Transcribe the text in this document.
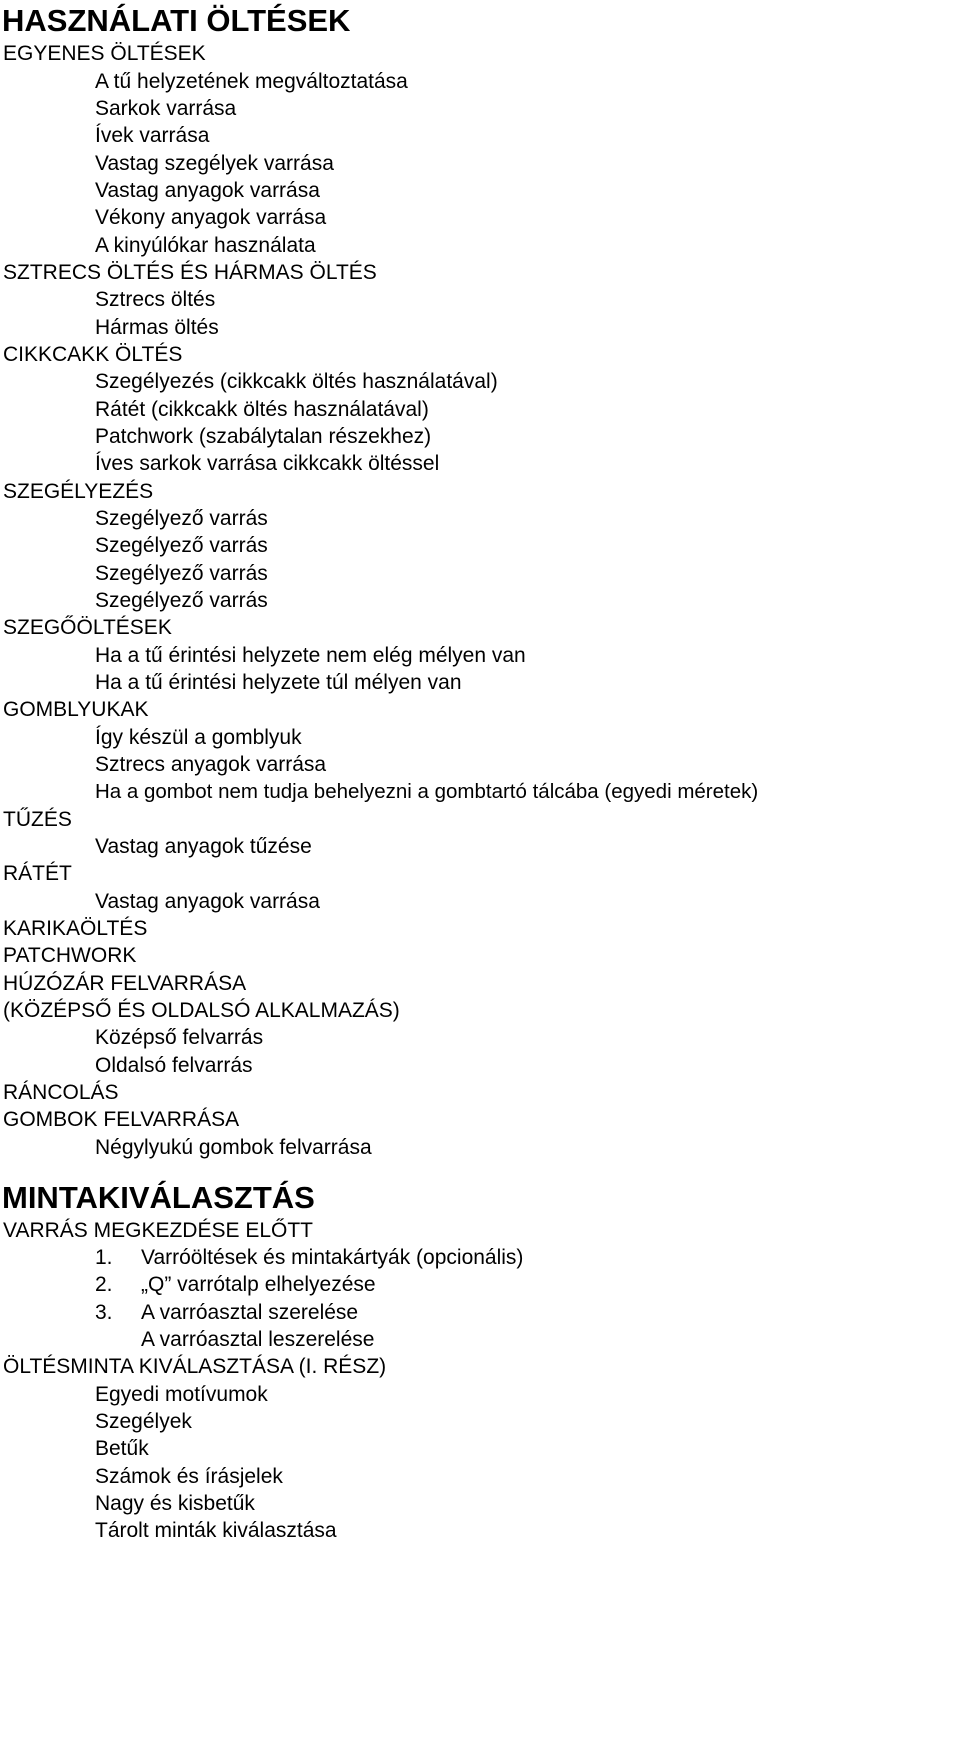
HASZNÁLATI ÖLTÉSEK
EGYENES ÖLTÉSEK
A tű helyzetének megváltoztatása
Sarkok varrása
Ívek varrása
Vastag szegélyek varrása
Vastag anyagok varrása
Vékony anyagok varrása
A kinyúlókar használata
SZTRECS ÖLTÉS ÉS HÁRMAS ÖLTÉS
Sztrecs öltés
Hármas öltés
CIKKCAKK ÖLTÉS
Szegélyezés (cikkcakk öltés használatával)
Rátét (cikkcakk öltés használatával)
Patchwork (szabálytalan részekhez)
Íves sarkok varrása cikkcakk öltéssel
SZEGÉLYEZÉS
Szegélyező varrás
Szegélyező varrás
Szegélyező varrás
Szegélyező varrás
SZEGŐÖLTÉSEK
Ha a tű érintési helyzete nem elég mélyen van
Ha a tű érintési helyzete túl mélyen van
GOMBLYUKAK
Így készül a gomblyuk
Sztrecs anyagok varrása
Ha a gombot nem tudja behelyezni a gombtartó tálcába (egyedi méretek)
TŰZÉS
Vastag anyagok tűzése
RÁTÉT
Vastag anyagok varrása
KARIKAÖLTÉS
PATCHWORK
HÚZÓZÁR FELVARRÁSA
(KÖZÉPSŐ ÉS OLDALSÓ ALKALMAZÁS)
Középső felvarrás
Oldalsó felvarrás
RÁNCOLÁS
GOMBOK FELVARRÁSA
Négylyukú gombok felvarrása
MINTAKIVÁLASZTÁS
VARRÁS MEGKEZDÉSE ELŐTT
1. Varróöltések és mintakártyák (opcionális)
2. „Q” varrótalp elhelyezése
3. A varróasztal szerelése
A varróasztal leszerelése
ÖLTÉSMINTA KIVÁLASZTÁSA (I. RÉSZ)
Egyedi motívumok
Szegélyek
Betűk
Számok és írásjelek
Nagy és kisbetűk
Tárolt minták kiválasztása
